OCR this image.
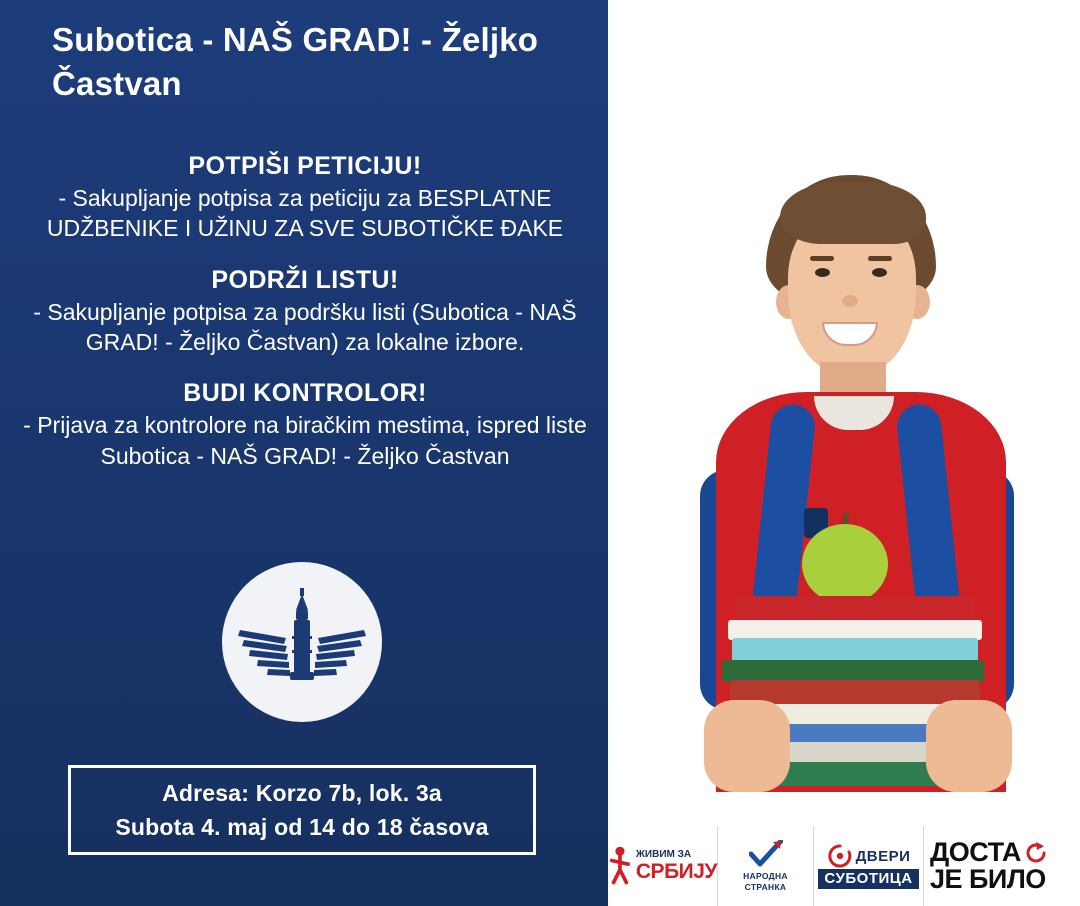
Subotica - NAŠ GRAD! - Željko Častvan
POTPIŠI PETICIJU!
- Sakupljanje potpisa za peticiju za BESPLATNE UDŽBENIKE I UŽINU ZA SVE SUBOTIČKE ĐAKE
PODRŽI LISTU!
- Sakupljanje potpisa za podršku listi (Subotica - NAŠ GRAD! - Željko Častvan) za lokalne izbore.
BUDI KONTROLOR!
- Prijava za kontrolore na biračkim mestima, ispred liste Subotica - NAŠ GRAD! - Željko Častvan
Adresa: Korzo 7b, lok. 3a
Subota 4. maj od 14 do 18 časova
ЖИВИМ ЗА
СРБИЈУ	НАРОДНА
СТРАНКА
ДВЕРИ
СУБОТИЦА
ДОСТА
ЈЕ БИЛО
